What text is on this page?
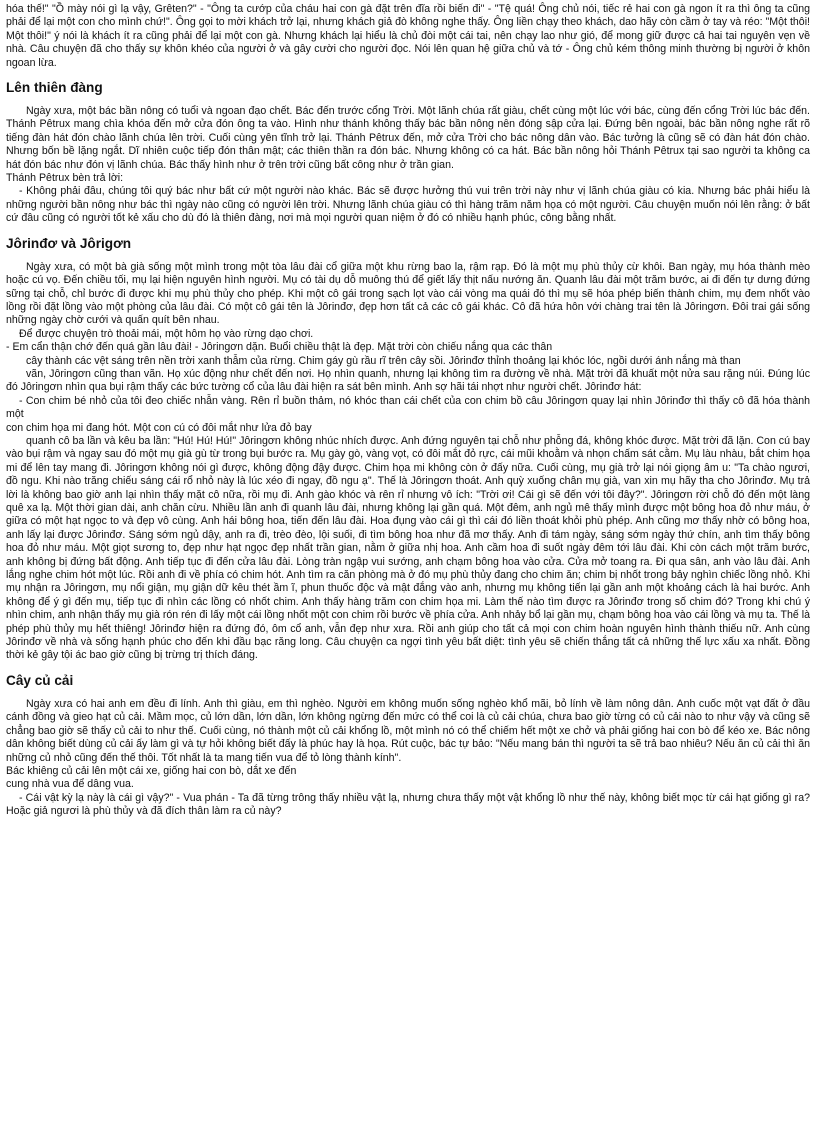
hóa thế!" "Ồ mày nói gì lạ vậy, Grêten?" - "Ông ta cướp của cháu hai con gà đặt trên đĩa rồi biến đi" - "Tệ quá! Ông chủ nói, tiếc rẻ hai con gà ngon ít ra thì ông ta cũng phải để lại một con cho mình chứ!". Ông gọi to mời khách trở lại, nhưng khách giả đò không nghe thấy. Ông liền chạy theo khách, dao hãy còn cầm ở tay và réo: "Một thôi! Một thôi!" ý nói là khách ít ra cũng phải để lại một con gà. Nhưng khách lại hiểu là chủ đòi một cái tai, nên chạy lao như gió, để mong giữ được cả hai tai nguyên vẹn về nhà. Câu chuyện đã cho thấy sự khôn khéo của người ở và gây cười cho người đọc. Nói lên quan hệ giữa chủ và tớ - Ông chủ kém thông minh thường bị người ở khôn ngoan lừa.

Lên thiên đàng

Ngày xưa, một bác bần nông có tuổi và ngoan đạo chết. Bác đến trước cổng Trời. Một lãnh chúa rất giàu, chết cùng một lúc với bác, cùng đến cổng Trời lúc bác đến. Thánh Pêtrux mang chìa khóa đến mở cửa đón ông ta vào. Hình như thánh không thấy bác bần nông nên đóng sập cửa lại. Đứng bên ngoài, bác bần nông nghe rất rõ tiếng đàn hát đón chào lãnh chúa lên trời. Cuối cùng yên tĩnh trở lại. Thánh Pêtrux đến, mở cửa Trời cho bác nông dân vào. Bác tưởng là cũng sẽ có đàn hát đón chào. Nhưng bốn bề lặng ngắt. Dĩ nhiên cuộc tiếp đón thân mật; các thiên thần ra đón bác. Nhưng không có ca hát. Bác bần nông hỏi Thánh Pêtrux tại sao người ta không ca hát đón bác như đón vị lãnh chúa. Bác thấy hình như ở trên trời cũng bất công như ở trần gian.

Thánh Pêtrux bèn trả lời:

- Không phải đâu, chúng tôi quý bác như bất cứ một người nào khác. Bác sẽ được hưởng thú vui trên trời này như vị lãnh chúa giàu có kia. Nhưng bác phải hiểu là những người bần nông như bác thì ngày nào cũng có người lên trời. Nhưng lãnh chúa giàu có thì hàng trăm năm họa có một người. Câu chuyện muốn nói lên rằng: ở bất cứ đâu cũng có người tốt kẻ xấu cho dù đó là thiên đàng, nơi mà mọi người quan niệm ở đó có nhiều hạnh phúc, công bằng nhất.

Jôrinđơ và Jôrigơn

Ngày xưa, có một bà già sống một mình trong một tòa lâu đài cổ giữa một khu rừng bao la, rậm rạp. Đó là một mụ phù thủy cừ khôi. Ban ngày, mụ hóa thành mèo hoặc cú vọ. Đến chiều tối, mụ lại hiện nguyên hình người. Mụ có tài dụ dỗ muông thú để giết lấy thịt nấu nướng ăn. Quanh lâu đài một trăm bước, ai đi đến tự dưng đứng sững tại chỗ, chỉ bước đi được khi mụ phù thủy cho phép. Khi một cô gái trong sạch lọt vào cái vòng ma quái đó thì mụ sẽ hóa phép biến thành chim, mụ đem nhốt vào lồng rồi đặt lồng vào một phòng của lâu đài. Có một cô gái tên là Jôrinđơ, đẹp hơn tất cả các cô gái khác. Cô đã hứa hôn với chàng trai tên là Jôringơn. Đôi trai gái sống những ngày chờ cưới và quấn quít bên nhau.

Để được chuyện trò thoải mái, một hôm họ vào rừng dạo chơi.

- Em cẩn thận chớ đến quá gần lâu đài! - Jôringơn dặn. Buổi chiều thật là đẹp. Mặt trời còn chiếu nắng qua các thân

cây thành các vệt sáng trên nền trời xanh thẫm của rừng. Chim gáy gù rầu rĩ trên cây sồi. Jôrinđơ thỉnh thoảng lại khóc lóc, ngồi dưới ánh nắng mà than

vãn, Jôringơn cũng than vãn. Họ xúc động như chết đến nơi. Họ nhìn quanh, nhưng lại không tìm ra đường về nhà. Mặt trời đã khuất một nửa sau rặng núi. Đúng lúc đó Jôringơn nhìn qua bụi rậm thấy các bức tường cổ của lâu đài hiện ra sát bên mình. Anh sợ hãi tái nhợt như người chết. Jôrinđơ hát:

- Con chim bé nhỏ của tôi đeo chiếc nhẫn vàng. Rên rỉ buồn thảm, nó khóc than cái chết của con chim bồ câu Jôringơn quay lại nhìn Jôrinđơ thì thấy cô đã hóa thành một

con chim họa mi đang hót. Một con cú có đôi mắt như lửa đỏ bay

quanh cô ba lần và kêu ba lần: "Hú! Hú! Hú!" Jôringơn không nhúc nhích được. Anh đứng nguyên tại chỗ như phỗng đá, không khóc được. Mặt trời đã lặn. Con cú bay vào bụi rậm và ngay sau đó một mụ già gù từ trong bụi bước ra. Mụ gày gò, vàng vọt, có đôi mắt đỏ rực, cái mũi khoằm và nhọn chấm sát cằm. Mụ làu nhàu, bắt chim họa mi để lên tay mang đi. Jôringơn không nói gì được, không động đậy được. Chim họa mi không còn ở đấy nữa. Cuối cùng, mụ già trở lại nói giọng âm u: "Ta chào ngươi, đồ ngu. Khi nào trăng chiếu sáng cái rổ nhỏ này là lúc xéo đi ngay, đồ ngu ạ". Thế là Jôringơn thoát. Anh quỳ xuống chân mụ già, van xin mụ hãy tha cho Jôrinđơ. Mụ trả lời là không bao giờ anh lại nhìn thấy mặt cô nữa, rồi mụ đi. Anh gào khóc và rên rỉ nhưng vô ích: "Trời ơi! Cái gì sẽ đến với tôi đây?". Jôringơn rời chỗ đó đến một làng quê xa lạ. Một thời gian dài, anh chăn cừu. Nhiều lần anh đi quanh lâu đài, nhưng không lại gần quá. Một đêm, anh ngủ mê thấy mình được một bông hoa đỏ như máu, ở giữa có một hạt ngọc to và đẹp vô cùng. Anh hái bông hoa, tiến đến lâu đài. Hoa đụng vào cái gì thì cái đó liền thoát khỏi phù phép. Anh cũng mơ thấy nhờ có bông hoa, anh lấy lại được Jôrinđơ. Sáng sớm ngủ dậy, anh ra đi, trèo đèo, lội suối, đi tìm bông hoa như đã mơ thấy. Anh đi tám ngày, sáng sớm ngày thứ chín, anh tìm thấy bông hoa đỏ như máu. Một giọt sương to, đẹp như hạt ngọc đẹp nhất trần gian, nằm ở giữa nhị hoa. Anh cầm hoa đi suốt ngày đêm tới lâu đài. Khi còn cách một trăm bước, anh không bị đứng bất động. Anh tiếp tục đi đến cửa lâu đài. Lòng tràn ngập vui sướng, anh chạm bông hoa vào cửa. Cửa mở toang ra. Đi qua sân, anh vào lâu đài. Anh lắng nghe chim hót một lúc. Rồi anh đi về phía có chim hót. Anh tìm ra căn phòng mà ở đó mụ phù thủy đang cho chim ăn; chim bị nhốt trong bảy nghìn chiếc lồng nhỏ. Khi mụ nhận ra Jôringơn, mụ nổi giận, mụ giận dữ kêu thét ầm ĩ, phun thuốc độc và mật đắng vào anh, nhưng mụ không tiến lại gần anh một khoảng cách là hai bước. Anh không để ý gì đến mụ, tiếp tục đi nhìn các lồng có nhốt chim. Anh thấy hàng trăm con chim họa mi. Làm thế nào tìm được ra Jôrinđơ trong số chim đó? Trong khi chú ý nhìn chim, anh nhận thấy mụ già rón rén đi lấy một cái lồng nhốt một con chim rồi bước về phía cửa. Anh nhảy bổ lại gần mụ, chạm bông hoa vào cái lồng và mụ ta. Thế là phép phù thủy mụ hết thiêng! Jôrinđơ hiện ra đứng đó, ôm cổ anh, vẫn đẹp như xưa. Rồi anh giúp cho tất cả mọi con chim hoàn nguyên hình thành thiếu nữ. Anh cùng Jôrinđơ về nhà và sống hạnh phúc cho đến khi đầu bạc răng long. Câu chuyện ca ngợi tình yêu bất diệt: tình yêu sẽ chiến thắng tất cả những thế lực xấu xa nhất. Đồng thời kẻ gây tội ác bao giờ cũng bị trừng trị thích đáng.

Cây củ cải

Ngày xưa có hai anh em đều đi lính. Anh thì giàu, em thì nghèo. Người em không muốn sống nghèo khổ mãi, bỏ lính về làm nông dân. Anh cuốc một vạt đất ở đầu cánh đồng và gieo hạt củ cải. Mầm mọc, củ lớn dần, lớn dần, lớn không ngừng đến mức có thể coi là củ cải chúa, chưa bao giờ từng có củ cải nào to như vậy và cũng sẽ chẳng bao giờ sẽ thấy củ cải to như thế. Cuối cùng, nó thành một củ cải khổng lồ, một mình nó có thể chiếm hết một xe chở và phải giống hai con bò để kéo xe. Bác nông dân không biết dùng củ cải ấy làm gì và tự hỏi không biết đấy là phúc hay là họa. Rút cuộc, bác tự bảo: "Nếu mang bán thì người ta sẽ trả bao nhiêu? Nếu ăn củ cải thì ăn những củ nhỏ cũng đến thế thôi. Tốt nhất là ta mang tiến vua để tỏ lòng thành kính".

Bác khiêng củ cải lên một cái xe, giống hai con bò, dắt xe đến

cung nhà vua để dâng vua.

- Cái vật kỳ lạ này là cái gì vậy?" - Vua phán - Ta đã từng trông thấy nhiều vật lạ, nhưng chưa thấy một vật khổng lồ như thế này, không biết mọc từ cái hạt giống gì ra? Hoặc giả ngươi là phù thủy và đã đích thân làm ra củ này?
